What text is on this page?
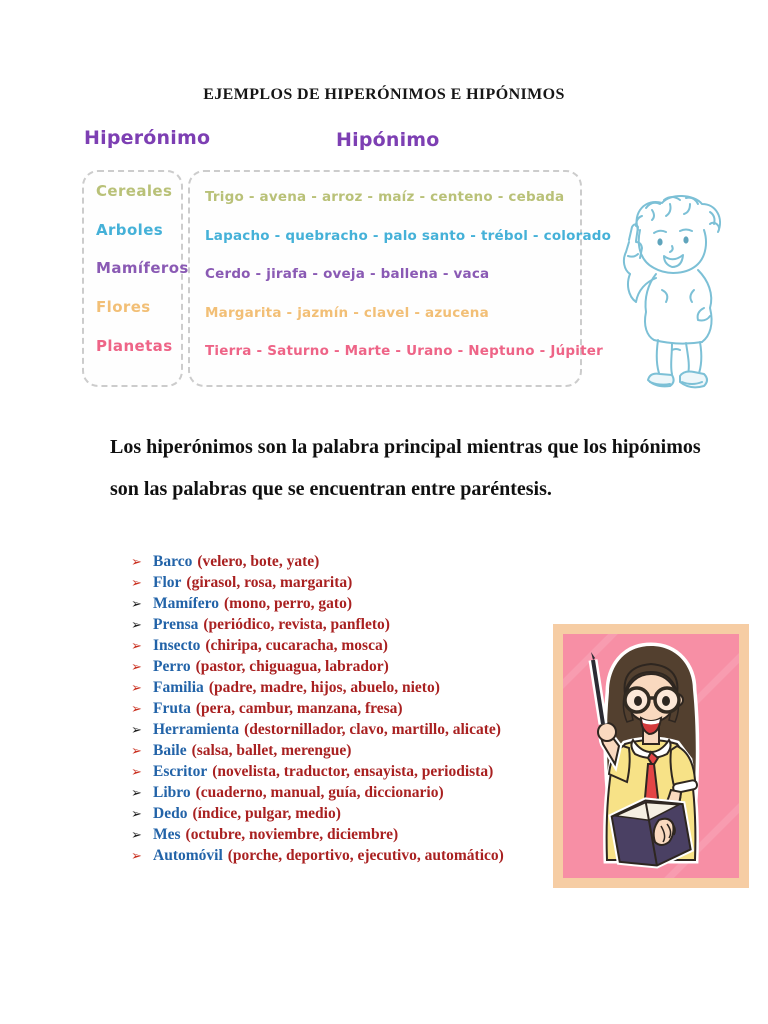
EJEMPLOS DE HIPERÓNIMOS E HIPÓNIMOS
Hiperónimo	Hipónimo
Los hiperónimos son la palabra principal mientras que los hipónimos
son las palabras que se encuentran entre paréntesis.
➢ Barco (velero, bote, yate)
➢ Flor (girasol, rosa, margarita)
➢ Mamífero (mono, perro, gato)
➢ Prensa (periódico, revista, panfleto)
➢ Insecto (chiripa, cucaracha, mosca)
➢ Perro (pastor, chiguagua, labrador)
➢ Familia (padre, madre, hijos, abuelo, nieto)
➢ Fruta (pera, cambur, manzana, fresa)
➢ Herramienta (destornillador, clavo, martillo, alicate)
➢ Baile (salsa, ballet, merengue)
➢ Escritor (novelista, traductor, ensayista, periodista)
➢ Libro (cuaderno, manual, guía, diccionario)
➢ Dedo (índice, pulgar, medio)
➢ Mes (octubre, noviembre, diciembre)
➢ Automóvil (porche, deportivo, ejecutivo, automático)
Cereales Trigo - avena - arroz - maíz - centeno - cebada
Arboles	Lapacho - quebracho - palo santo - trébol - colorado
Mamíferos Cerdo - jirafa - oveja - ballena - vaca
Flores	Margarita - jazmín - clavel - azucena
Planetas Tierra - Saturno - Marte - Urano - Neptuno - Júpiter
